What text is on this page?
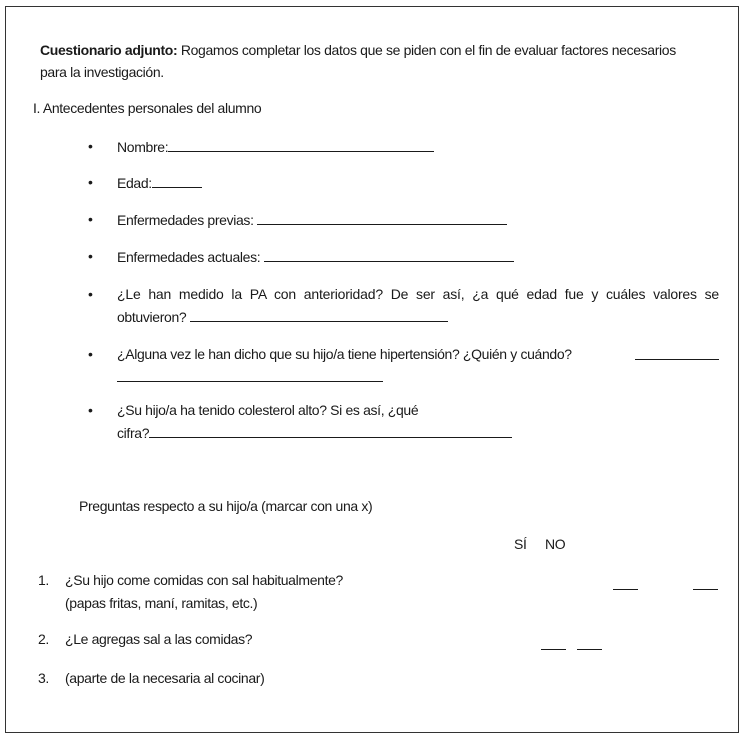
Cuestionario adjunto: Rogamos completar los datos que se piden con el fin de evaluar factores necesarios
para la investigación.
I. Antecedentes personales del alumno
• Nombre:
• Edad:
• Enfermedades previas:
• Enfermedades actuales:
• ¿Le han medido la PA con anterioridad? De ser así, ¿a qué edad fue y cuáles valores se
obtuvieron?
• ¿Alguna vez le han dicho que su hijo/a tiene hipertensión? ¿Quién y cuándo?
• ¿Su hijo/a ha tenido colesterol alto? Si es así, ¿qué
cifra?
Preguntas respecto a su hijo/a (marcar con una x)
SÍ NO
1. ¿Su hijo come comidas con sal habitualmente?
(papas fritas, maní, ramitas, etc.)
2. ¿Le agregas sal a las comidas?
3. (aparte de la necesaria al cocinar)
